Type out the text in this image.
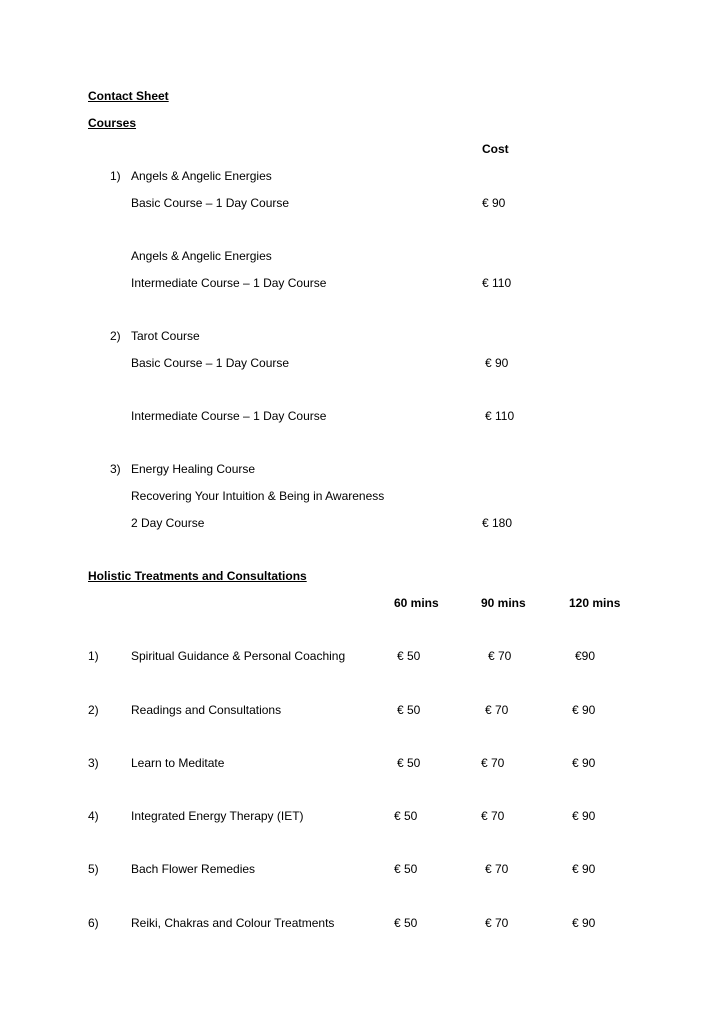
Contact Sheet
Courses
Cost
1) Angels & Angelic Energies
Basic Course – 1 Day Course	€ 90
Angels & Angelic Energies
Intermediate Course – 1 Day Course	€ 110
2) Tarot Course
Basic Course – 1 Day Course	€ 90
Intermediate Course – 1 Day Course	€ 110
3) Energy Healing Course
Recovering Your Intuition & Being in Awareness
2 Day Course	€ 180
Holistic Treatments and Consultations
60 mins	90 mins	120 mins
1)	Spiritual Guidance & Personal Coaching	€ 50	€ 70	€90
2)	Readings and Consultations	€ 50	€ 70	€ 90
3)	Learn to Meditate	€ 50	€ 70	€ 90
4)	Integrated Energy Therapy (IET)	€ 50	€ 70	€ 90
5)	Bach Flower Remedies	€ 50	€ 70	€ 90
6)	Reiki, Chakras and Colour Treatments	€ 50	€ 70	€ 90
